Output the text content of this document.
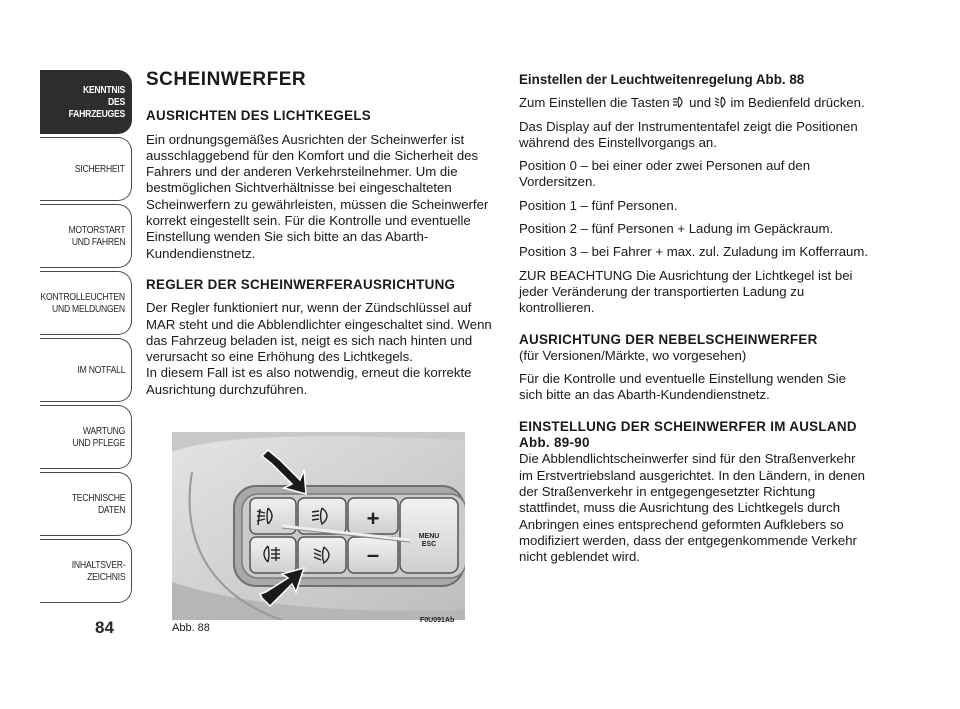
KENNTNIS
DES FAHRZEUGES
SICHERHEIT
MOTORSTART
UND FAHREN
KONTROLLEUCHTEN
UND MELDUNGEN
IM NOTFALL
WARTUNG
UND PFLEGE
TECHNISCHE
DATEN
INHALTSVER-
ZEICHNIS
84
SCHEINWERFER
AUSRICHTEN DES LICHTKEGELS

Ein ordnungsgemäßes Ausrichten der Scheinwerfer ist ausschlaggebend für den Komfort und die Sicherheit des Fahrers und der anderen Verkehrsteilnehmer. Um die bestmöglichen Sichtverhältnisse bei eingeschalteten Scheinwerfern zu gewährleisten, müssen die Scheinwerfer korrekt eingestellt sein. Für die Kontrolle und eventuelle Einstellung wenden Sie sich bitte an das Abarth-Kundendienstnetz.

REGLER DER SCHEINWERFERAUSRICHTUNG

Der Regler funktioniert nur, wenn der Zündschlüssel auf MAR steht und die Abblendlichter eingeschaltet sind. Wenn das Fahrzeug beladen ist, neigt es sich nach hinten und verursacht so eine Erhöhung des Lichtkegels.

In diesem Fall ist es also notwendig, erneut die korrekte Ausrichtung durchzuführen.

+
–
MENU
ESC
Abb. 88
F0U091Ab
Einstellen der Leuchtweitenregelung Abb. 88

Zum Einstellen die Tasten und im Bedienfeld drücken.

Das Display auf der Instrumententafel zeigt die Positionen während des Einstellvorgangs an.

Position 0 – bei einer oder zwei Personen auf den Vordersitzen.

Position 1 – fünf Personen.

Position 2 – fünf Personen + Ladung im Gepäckraum.

Position 3 – bei Fahrer + max. zul. Zuladung im Kofferraum.

ZUR BEACHTUNG Die Ausrichtung der Lichtkegel ist bei jeder Veränderung der transportierten Ladung zu kontrollieren.

AUSRICHTUNG DER NEBELSCHEINWERFER

(für Versionen/Märkte, wo vorgesehen)

Für die Kontrolle und eventuelle Einstellung wenden Sie sich bitte an das Abarth-Kundendienstnetz.

EINSTELLUNG DER SCHEINWERFER IM AUSLAND Abb. 89-90

Die Abblendlichtscheinwerfer sind für den Straßenverkehr im Erstvertriebsland ausgerichtet. In den Ländern, in denen der Straßenverkehr in entgegengesetzter Richtung stattfindet, muss die Ausrichtung des Lichtkegels durch Anbringen eines entsprechend geformten Aufklebers so modifiziert werden, dass der entgegenkommende Verkehr nicht geblendet wird.
